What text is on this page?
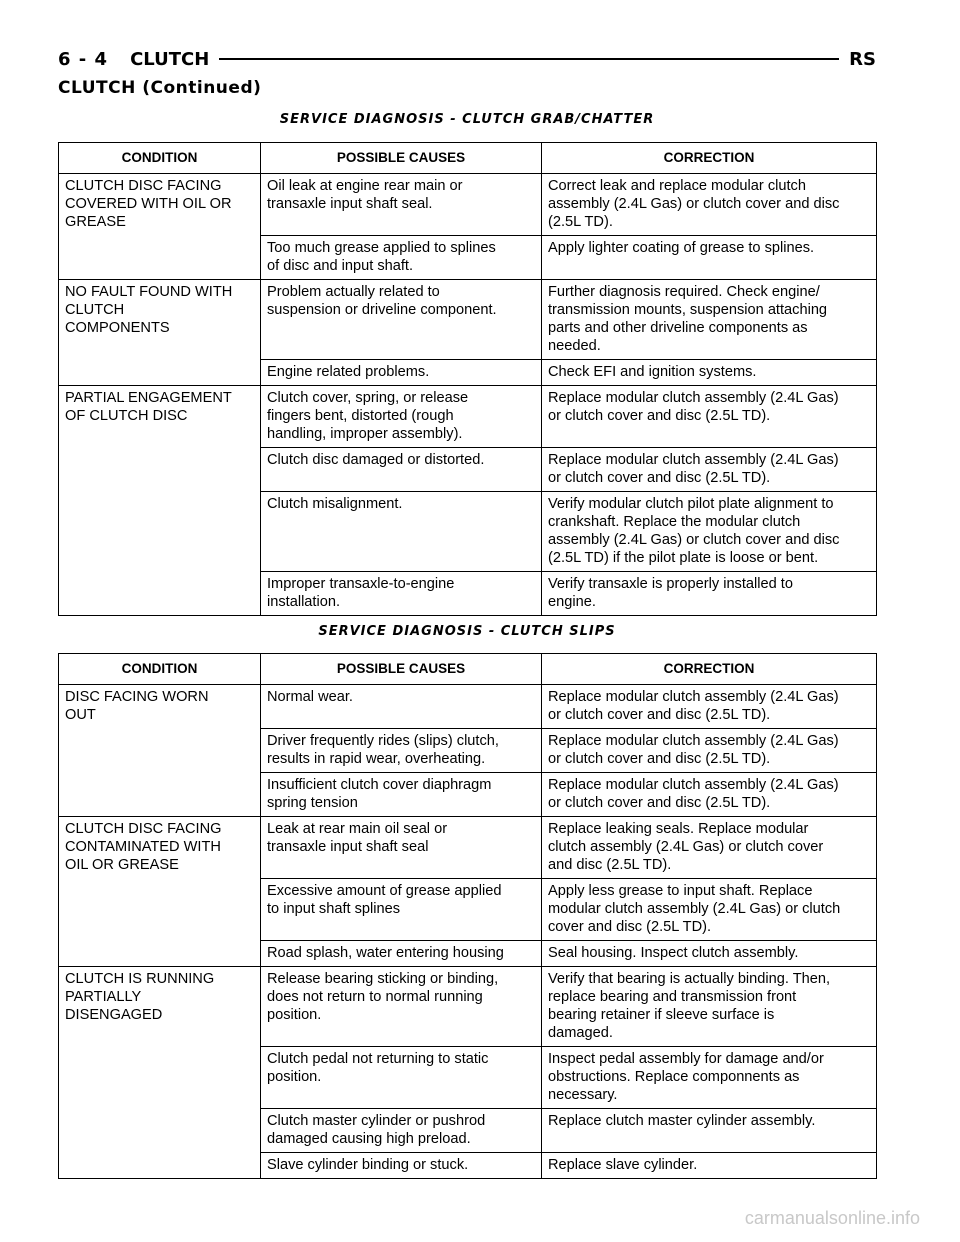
6 - 4 CLUTCH	RS
CLUTCH (Continued)
SERVICE DIAGNOSIS - CLUTCH GRAB/CHATTER
CONDITION	POSSIBLE CAUSES	CORRECTION
CLUTCH DISC FACING
COVERED WITH OIL OR
GREASE	Oil leak at engine rear main or
transaxle input shaft seal.	Correct leak and replace modular clutch
assembly (2.4L Gas) or clutch cover and disc
(2.5L TD).
	Too much grease applied to splines
of disc and input shaft.	Apply lighter coating of grease to splines.
NO FAULT FOUND WITH
CLUTCH
COMPONENTS	Problem actually related to
suspension or driveline component.	Further diagnosis required. Check engine/
transmission mounts, suspension attaching
parts and other driveline components as
needed.
	Engine related problems.	Check EFI and ignition systems.
PARTIAL ENGAGEMENT
OF CLUTCH DISC	Clutch cover, spring, or release
fingers bent, distorted (rough
handling, improper assembly).	Replace modular clutch assembly (2.4L Gas)
or clutch cover and disc (2.5L TD).
	Clutch disc damaged or distorted.	Replace modular clutch assembly (2.4L Gas)
or clutch cover and disc (2.5L TD).
	Clutch misalignment.	Verify modular clutch pilot plate alignment to
crankshaft. Replace the modular clutch
assembly (2.4L Gas) or clutch cover and disc
(2.5L TD) if the pilot plate is loose or bent.
	Improper transaxle-to-engine
installation.	Verify transaxle is properly installed to
engine.
SERVICE DIAGNOSIS - CLUTCH SLIPS
CONDITION	POSSIBLE CAUSES	CORRECTION
DISC FACING WORN
OUT	Normal wear.	Replace modular clutch assembly (2.4L Gas)
or clutch cover and disc (2.5L TD).
	Driver frequently rides (slips) clutch,
results in rapid wear, overheating.	Replace modular clutch assembly (2.4L Gas)
or clutch cover and disc (2.5L TD).
	Insufficient clutch cover diaphragm
spring tension	Replace modular clutch assembly (2.4L Gas)
or clutch cover and disc (2.5L TD).
CLUTCH DISC FACING
CONTAMINATED WITH
OIL OR GREASE	Leak at rear main oil seal or
transaxle input shaft seal	Replace leaking seals. Replace modular
clutch assembly (2.4L Gas) or clutch cover
and disc (2.5L TD).
	Excessive amount of grease applied
to input shaft splines	Apply less grease to input shaft. Replace
modular clutch assembly (2.4L Gas) or clutch
cover and disc (2.5L TD).
	Road splash, water entering housing	Seal housing. Inspect clutch assembly.
CLUTCH IS RUNNING
PARTIALLY
DISENGAGED	Release bearing sticking or binding,
does not return to normal running
position.	Verify that bearing is actually binding. Then,
replace bearing and transmission front
bearing retainer if sleeve surface is
damaged.
	Clutch pedal not returning to static
position.	Inspect pedal assembly for damage and/or
obstructions. Replace componnents as
necessary.
	Clutch master cylinder or pushrod
damaged causing high preload.	Replace clutch master cylinder assembly.
	Slave cylinder binding or stuck.	Replace slave cylinder.
carmanualsonline.info
